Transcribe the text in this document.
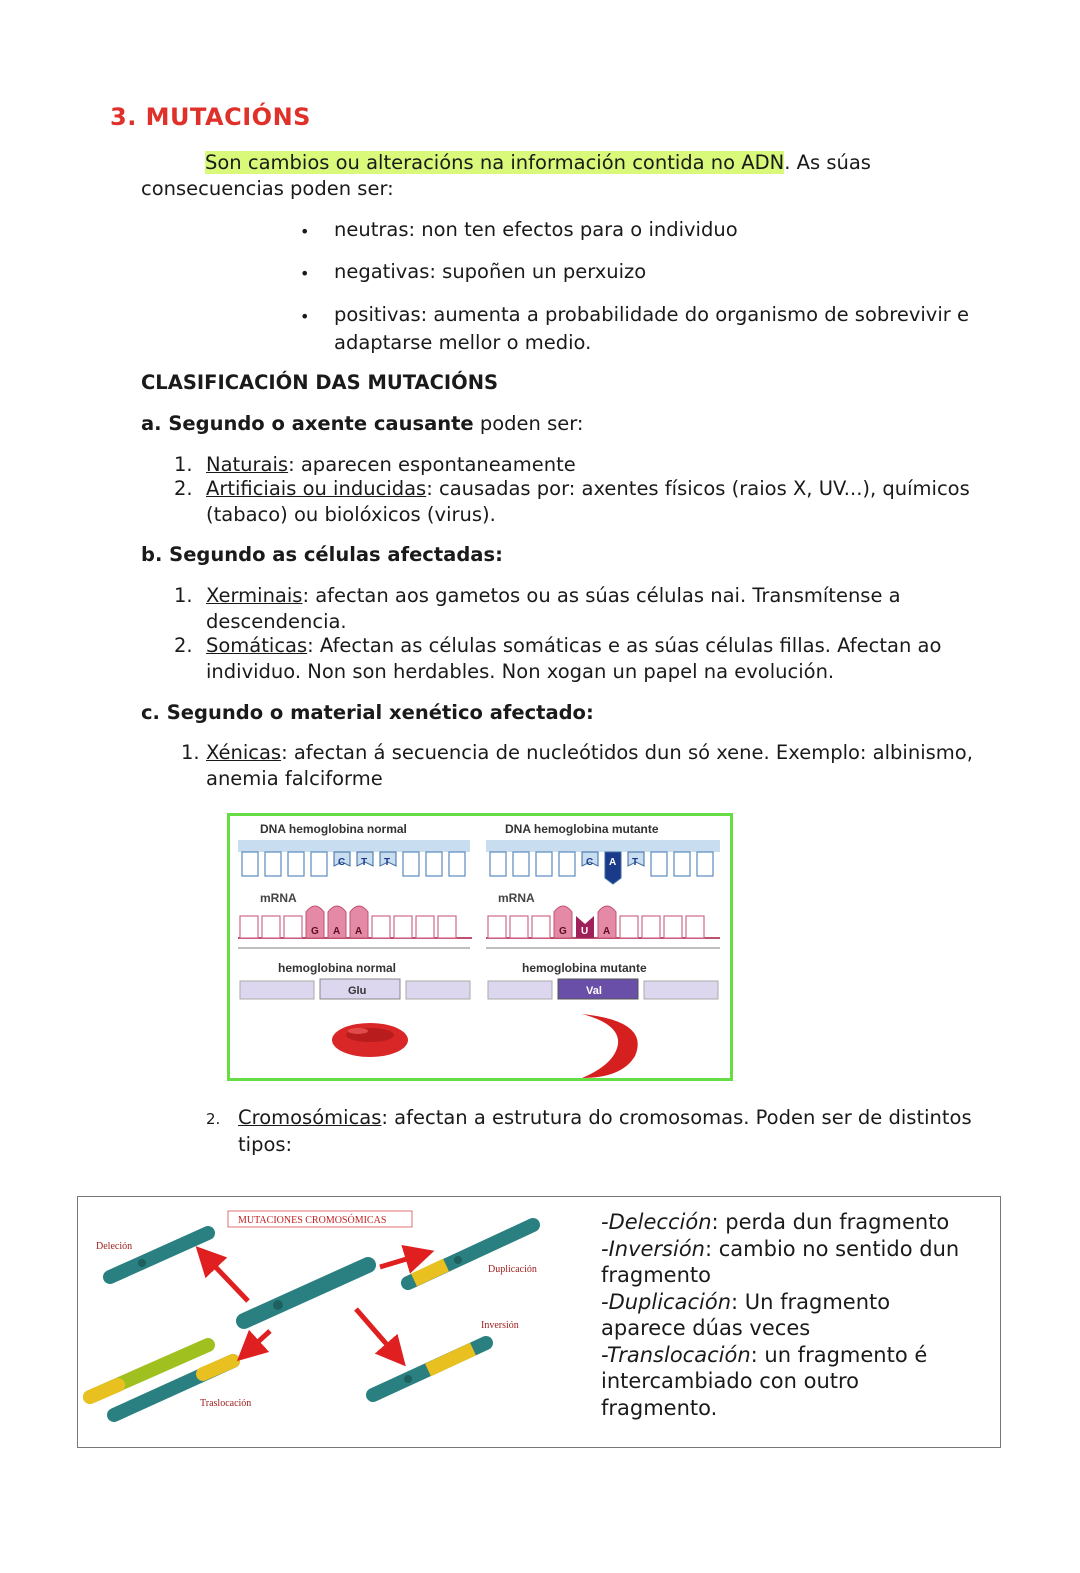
3. MUTACIÓNS
Son cambios ou alteracións na información contida no ADN. As súas
consecuencias poden ser:
• neutras: non ten efectos para o individuo
• negativas: supoñen un perxuizo
• positivas: aumenta a probabilidade do organismo de sobrevivir e
adaptarse mellor o medio.
CLASIFICACIÓN DAS MUTACIÓNS
a. Segundo o axente causante poden ser:
1. Naturais: aparecen espontaneamente
2. Artificiais ou inducidas: causadas por: axentes físicos (raios X, UV...), químicos
(tabaco) ou biolóxicos (virus).
b. Segundo as células afectadas:
1. Xerminais: afectan aos gametos ou as súas células nai. Transmítense a
descendencia.
2. Somáticas: Afectan as células somáticas e as súas células fillas. Afectan ao
individuo. Non son herdables. Non xogan un papel na evolución.
c. Segundo o material xenético afectado:
1. Xénicas: afectan á secuencia de nucleótidos dun só xene. Exemplo: albinismo,
anemia falciforme
DNA hemoglobina normal	DNA hemoglobina mutante
C T T	C A T
mRNA	mRNA
G A A	G U A
hemoglobina normal	hemoglobina mutante
Glu	Val
2. Cromosómicas: afectan a estrutura do cromosomas. Poden ser de distintos
tipos:
MUTACIONES CROMOSÓMICAS
Deleción
Duplicación
Inversión
Traslocación
-Delección: perda dun fragmento
-Inversión: cambio no sentido dun
fragmento
-Duplicación: Un fragmento
aparece dúas veces
-Translocación: un fragmento é
intercambiado con outro
fragmento.
